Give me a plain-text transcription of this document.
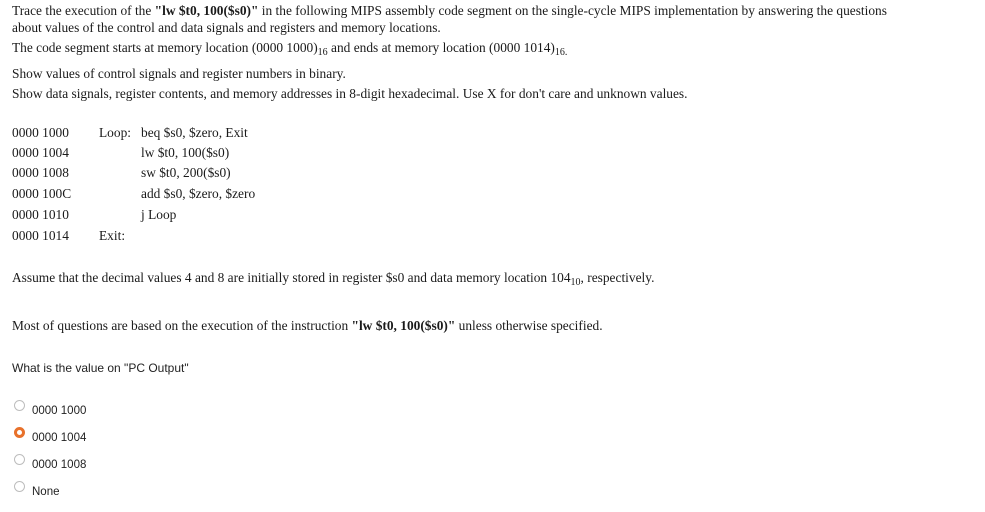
Trace the execution of the "lw $t0, 100($s0)" in the following MIPS assembly code segment on the single-cycle MIPS implementation by answering the questions
about values of the control and data signals and registers and memory locations.
The code segment starts at memory location (0000 $1000)_{16}$ and ends at memory location (0000 $1014)_{16.}$
Show values of control signals and register numbers in binary.
Show data signals, register contents, and memory addresses in 8-digit hexadecimal. Use X for don't care and unknown values.
0000 1000 Loop: beq $s0, $zero, Exit
0000 1004	lw $t0, 100($s0)
0000 1008	sw $t0, 200($s0)
0000 100C	add $s0, $zero, $zero
0000 1010	j Loop
0000 1014 Exit:
Assume that the decimal values 4 and 8 are initially stored in register $s0 and data memory location $104_{10}$, respectively.
Most of questions are based on the execution of the instruction "lw $t0, 100($s0)" unless otherwise specified.
What is the value on "PC Output"
0000 1000
0000 1004
0000 1008
None
